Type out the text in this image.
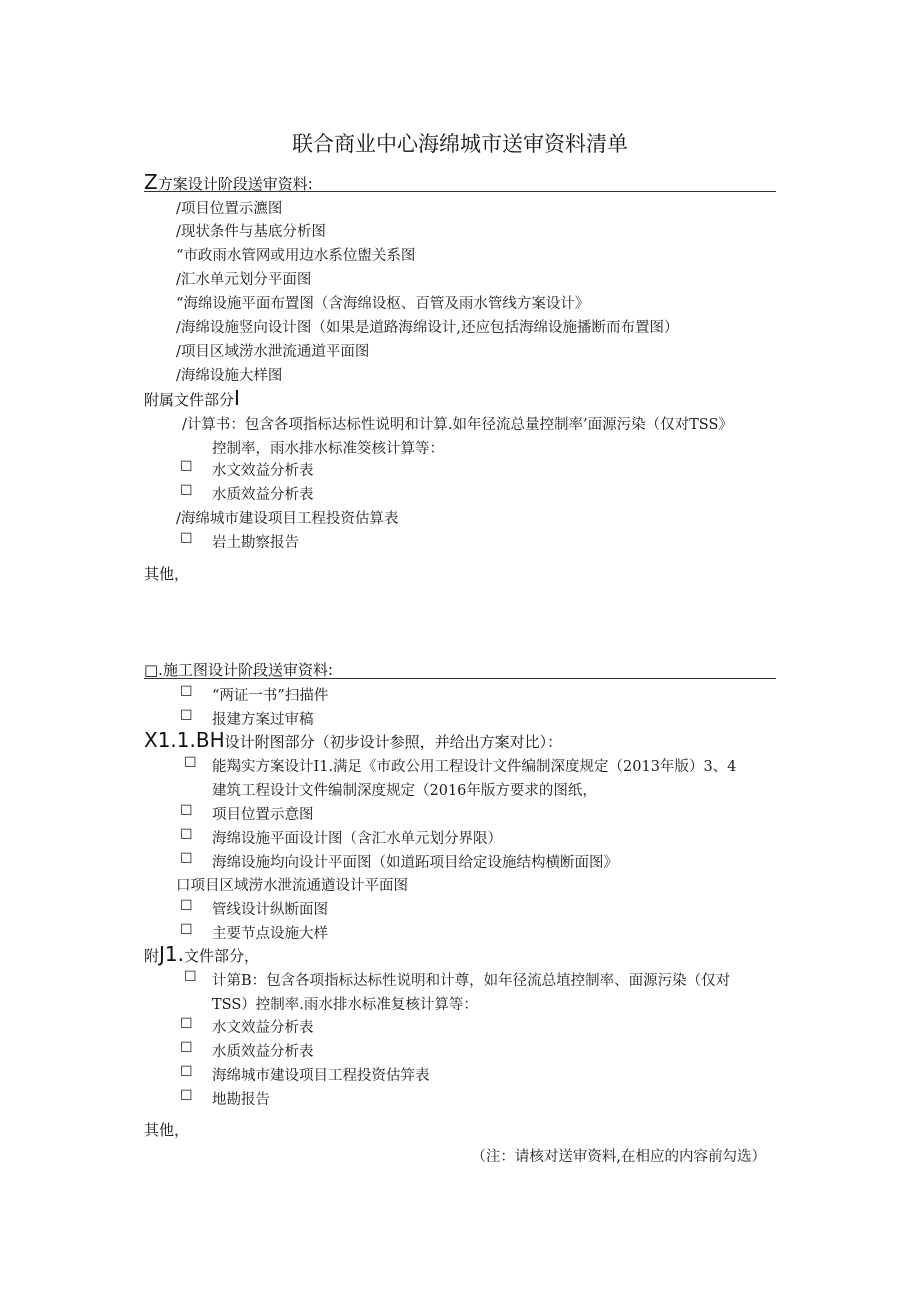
联合商业中心海绵城市送审资料清单
Z方案设计阶段送审资料:
/项目位置示瀌图
/现状条件与基底分析图
“市政雨水管网或用边水系位盥关系图
/汇水单元划分平面图
“海绵设施平面布置图（含海绵设枢、百管及雨水管线方案设计》
/海绵设施竖向设计图（如果是道路海绵设计,还应包括海绵设施播断而布置图）
/项目区域涝水泄流通道平面图
/海绵设施大样图
附属文件部分I
/计算书：包含各项指标达标性说明和计算.如年径流总量控制率’面源污染（仅对TSS》
控制率，雨水排水标准筊核计算等：
☐ 水文效益分析表
☐ 水质效益分析表
/海绵城市建设项目工程投资估算表
☐ 岩土勘察报告
其他，
□.施工图设计阶段送审资料:
☐ “两证一书”扫描件
☐ 报建方案过审稿
X1.1.BH设计附图部分（初步设计参照，并给出方案对比）：
☐ 能羯实方案设计I1.满足《市政公用工程设计文件编制深度规定（2013年版）3、4
建筑工程设计文件编制深度规定（2016年版方要求的图纸，
☐ 项目位置示意图
☐ 海绵设施平面设计图（含汇水单元划分界限）
☐ 海绵设施均向设计平面图（如道跖项目给定设施结构横断面图》
口项目区域涝水泄流通遒设计平面图
☐ 管线设计纵断面图
☐ 主要节点设施大样
附J1.文件部分，
☐ 计第B：包含各项指标达标性说明和计尊，如年径流总埴控制率、面源污染（仅对
TSS）控制率.雨水排水标准复核计算等：
☐ 水文效益分析表
☐ 水质效益分析表
☐ 海绵城市建设项目工程投资估笄表
☐ 地勘报告
其他，
（注：请核对送审资料,在相应的内容前勾选）
